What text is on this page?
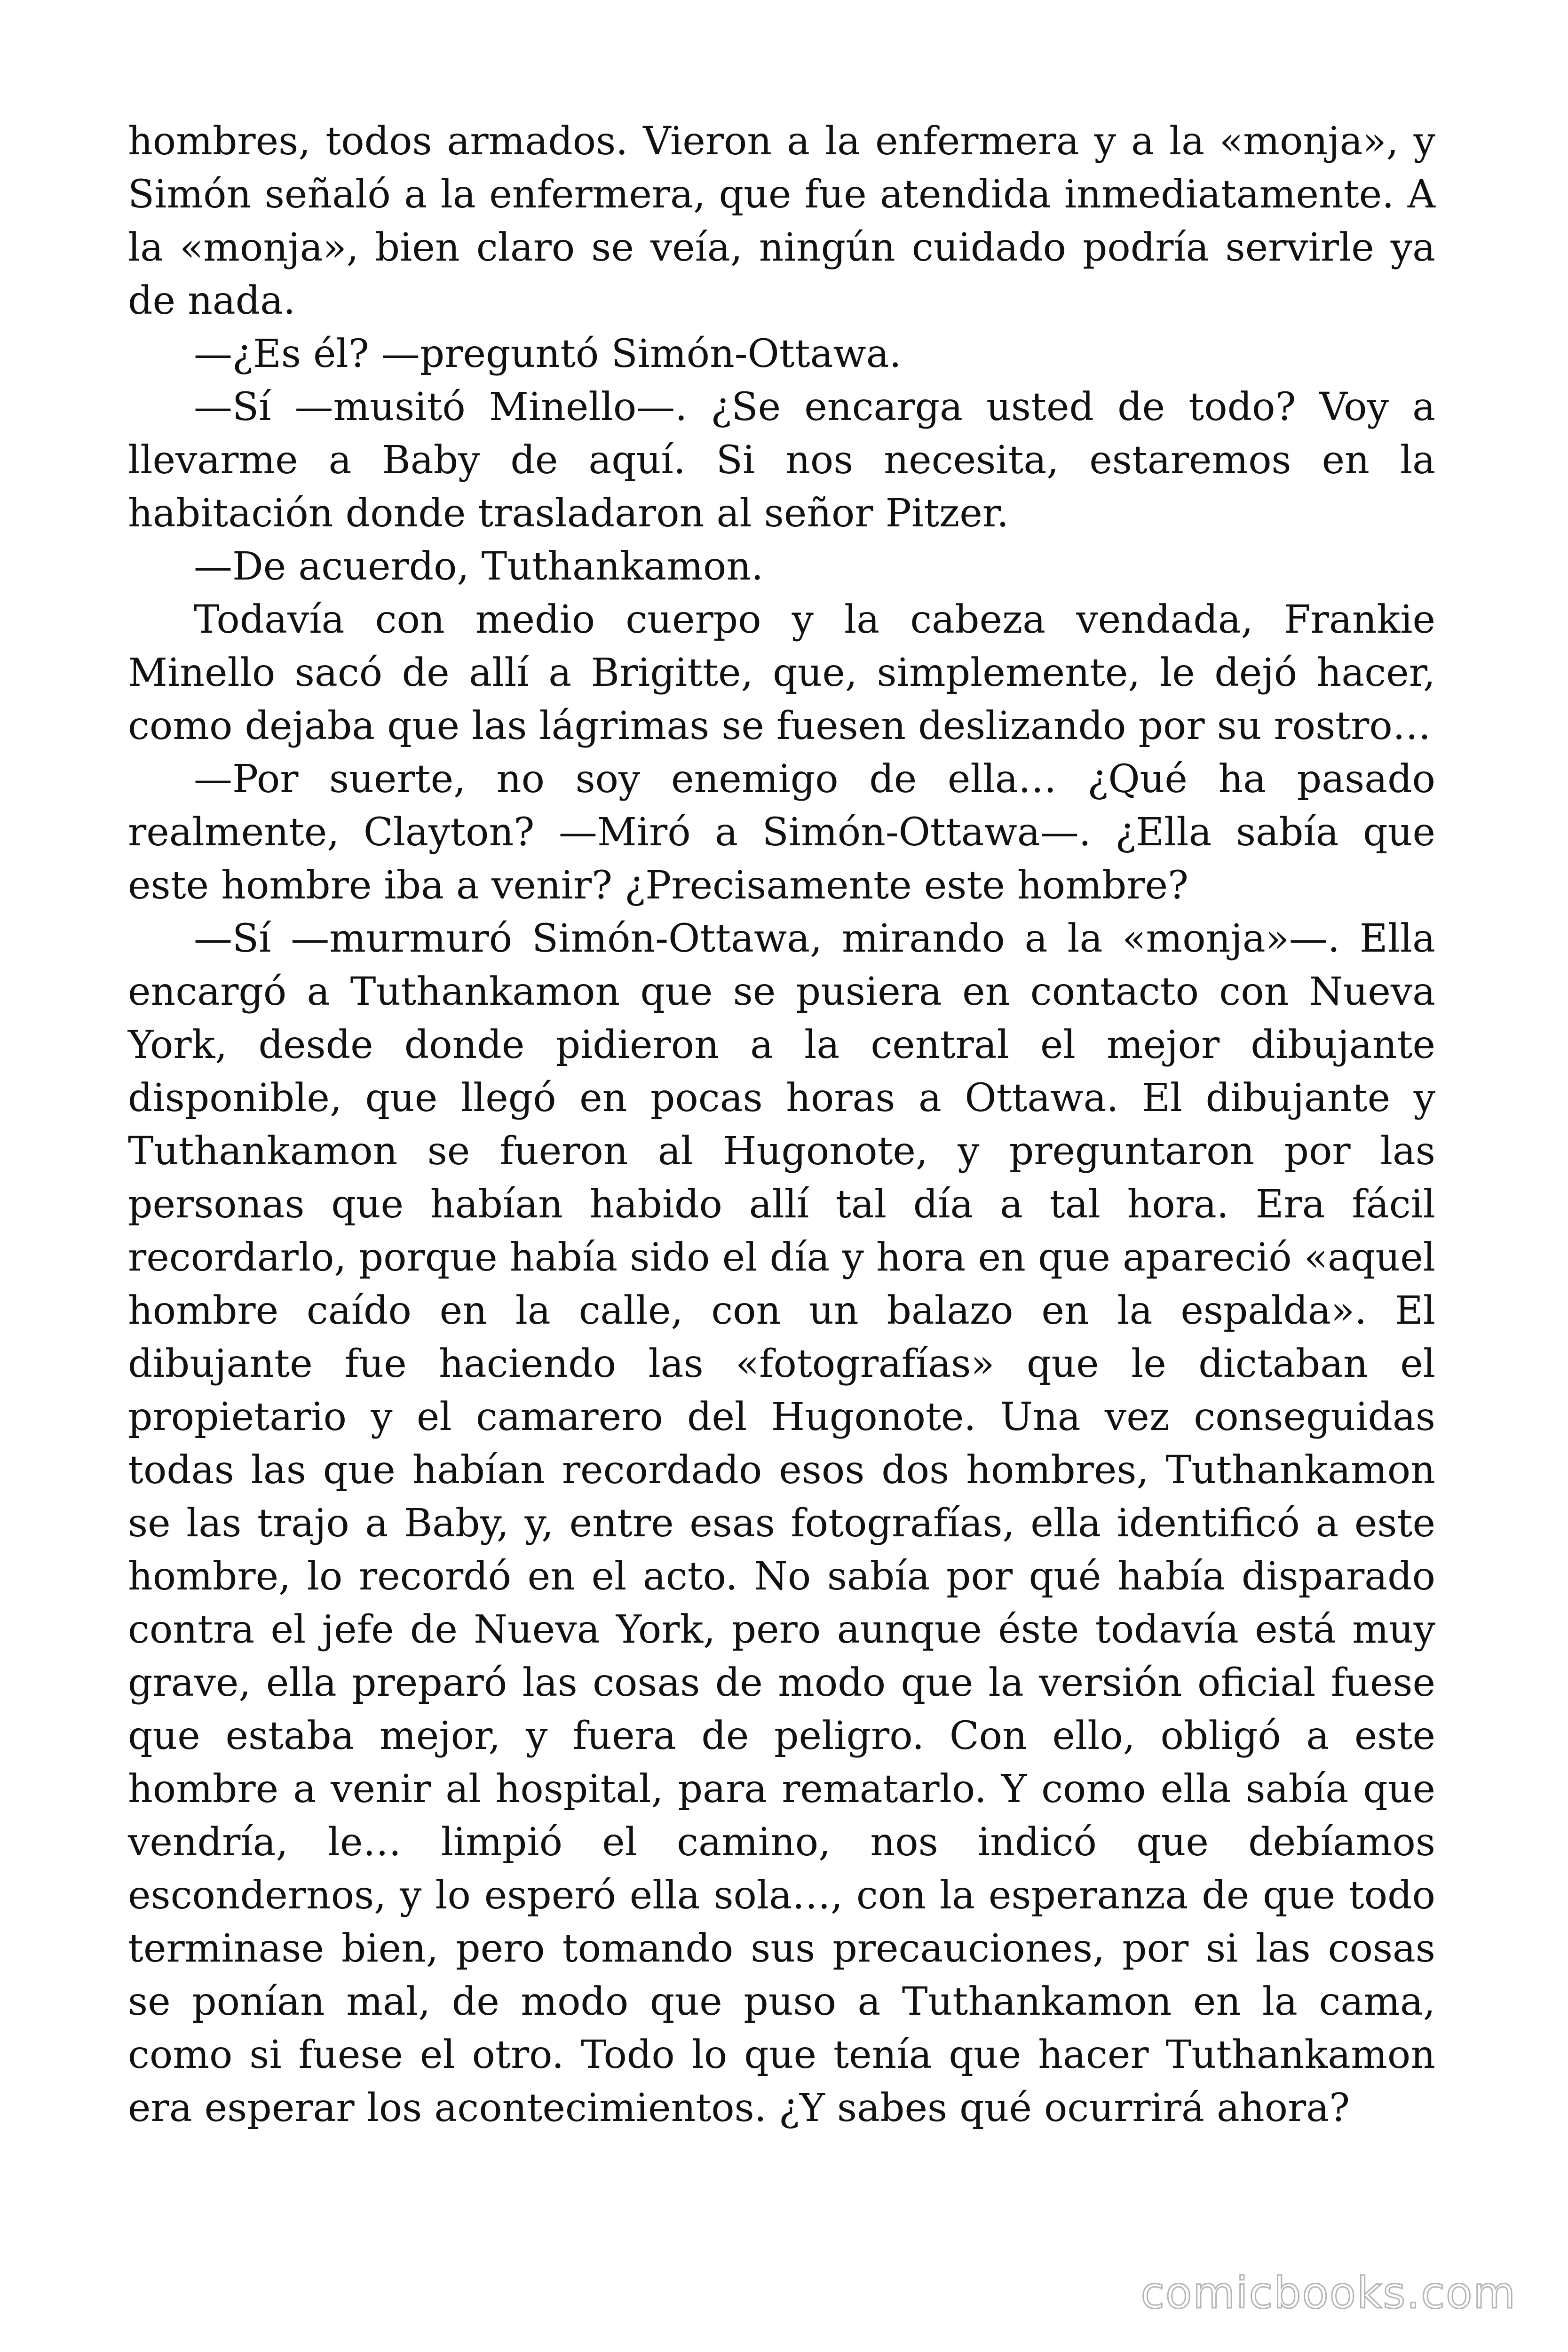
hombres, todos armados. Vieron a la enfermera y a la «monja», y Simón señaló a la enfermera, que fue atendida inmediatamente. A la «monja», bien claro se veía, ningún cuidado podría servirle ya de nada.

—¿Es él? —preguntó Simón-Ottawa.

—Sí —musitó Minello—. ¿Se encarga usted de todo? Voy a llevarme a Baby de aquí. Si nos necesita, estaremos en la habitación donde trasladaron al señor Pitzer.

—De acuerdo, Tuthankamon.

Todavía con medio cuerpo y la cabeza vendada, Frankie Minello sacó de allí a Brigitte, que, simplemente, le dejó hacer, como dejaba que las lágrimas se fuesen deslizando por su rostro…

—Por suerte, no soy enemigo de ella… ¿Qué ha pasado realmente, Clayton? —Miró a Simón-Ottawa—. ¿Ella sabía que este hombre iba a venir? ¿Precisamente este hombre?

—Sí —murmuró Simón-Ottawa, mirando a la «monja»—. Ella encargó a Tuthankamon que se pusiera en contacto con Nueva York, desde donde pidieron a la central el mejor dibujante disponible, que llegó en pocas horas a Ottawa. El dibujante y Tuthankamon se fueron al Hugonote, y preguntaron por las personas que habían habido allí tal día a tal hora. Era fácil recordarlo, porque había sido el día y hora en que apareció «aquel hombre caído en la calle, con un balazo en la espalda». El dibujante fue haciendo las «fotografías» que le dictaban el propietario y el camarero del Hugonote. Una vez conseguidas todas las que habían recordado esos dos hombres, Tuthankamon se las trajo a Baby, y, entre esas fotografías, ella identificó a este hombre, lo recordó en el acto. No sabía por qué había disparado contra el jefe de Nueva York, pero aunque éste todavía está muy grave, ella preparó las cosas de modo que la versión oficial fuese que estaba mejor, y fuera de peligro. Con ello, obligó a este hombre a venir al hospital, para rematarlo. Y como ella sabía que vendría, le… limpió el camino, nos indicó que debíamos escondernos, y lo esperó ella sola…, con la esperanza de que todo terminase bien, pero tomando sus precauciones, por si las cosas se ponían mal, de modo que puso a Tuthankamon en la cama, como si fuese el otro. Todo lo que tenía que hacer Tuthankamon era esperar los acontecimientos. ¿Y sabes qué ocurrirá ahora?

comicbooks.com
